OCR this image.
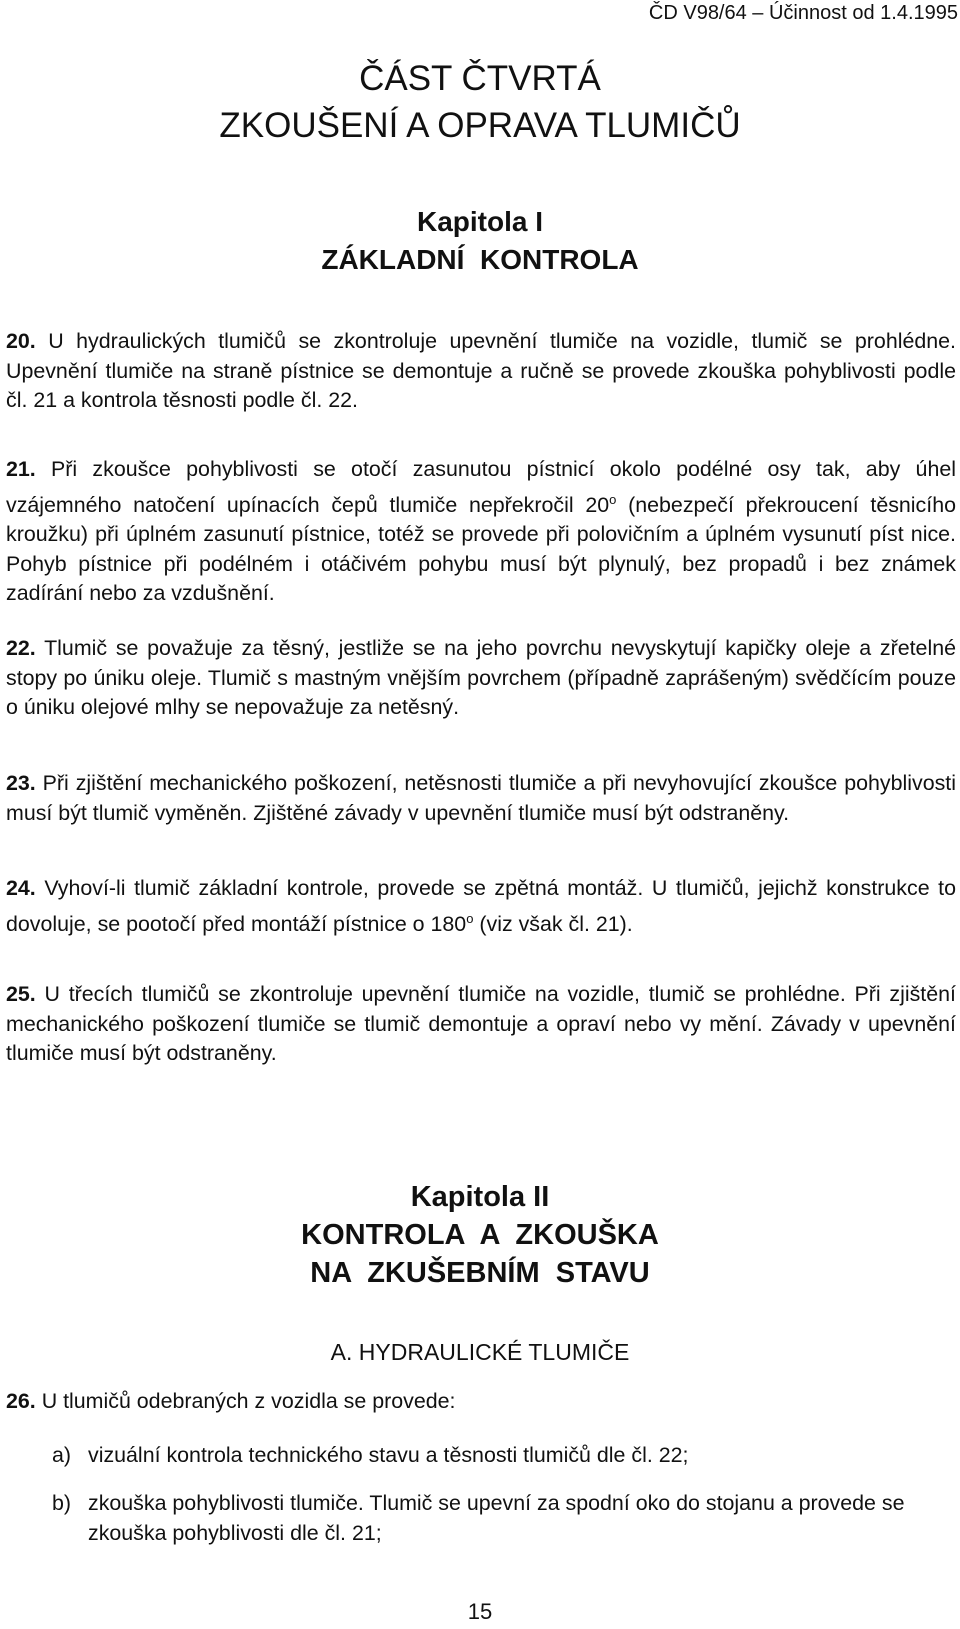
ČD V98/64 – Účinnost od 1.4.1995
ČÁST ČTVRTÁ
ZKOUŠENÍ A OPRAVA TLUMIČŮ
Kapitola I
ZÁKLADNÍ  KONTROLA
20. U hydraulických tlumičů se zkontroluje upevnění tlumiče na vozidle, tlumič se prohlédne. Upevnění tlumiče na straně pístnice se demontuje a ručně se provede zkouška pohyblivosti podle čl. 21 a kontrola těsnosti podle čl. 22.
21. Při zkoušce pohyblivosti se otočí zasunutou pístnicí okolo podélné osy tak, aby úhel vzájemného natočení upínacích čepů tlumiče nepřekročil 20$^o$ (nebezpečí překroucení těsnicího kroužku) při úplném zasunutí pístnice, totéž se provede při polovičním a úplném vysunutí píst nice. Pohyb pístnice při podélném i otáčivém pohybu musí být plynulý, bez propadů i bez známek zadírání nebo za vzdušnění.
22. Tlumič se považuje za těsný, jestliže se na jeho povrchu nevyskytují kapičky oleje a zřetelné stopy po úniku oleje. Tlumič s mastným vnějším povrchem (případně zaprášeným) svědčícím pouze o úniku olejové mlhy se nepovažuje za netěsný.
23. Při zjištění mechanického poškození, netěsnosti tlumiče a při nevyhovující zkoušce pohyblivosti musí být tlumič vyměněn. Zjištěné závady v upevnění tlumiče musí být odstraněny.
24. Vyhoví-li tlumič základní kontrole, provede se zpětná montáž. U tlumičů, jejichž konstrukce to dovoluje, se pootočí před montáží pístnice o 180$^o$ (viz však čl. 21).
25. U třecích tlumičů se zkontroluje upevnění tlumiče na vozidle, tlumič se prohlédne. Při zjištění mechanického poškození tlumiče se tlumič demontuje a opraví nebo vy mění. Závady v upevnění tlumiče musí být odstraněny.
Kapitola II
KONTROLA  A  ZKOUŠKA
NA  ZKUŠEBNÍM  STAVU
A. HYDRAULICKÉ TLUMIČE
26. U tlumičů odebraných z vozidla se provede:
a) vizuální kontrola technického stavu a těsnosti tlumičů dle čl. 22;
b) zkouška pohyblivosti tlumiče. Tlumič se upevní za spodní oko do stojanu a provede se zkouška pohyblivosti dle čl. 21;
15
